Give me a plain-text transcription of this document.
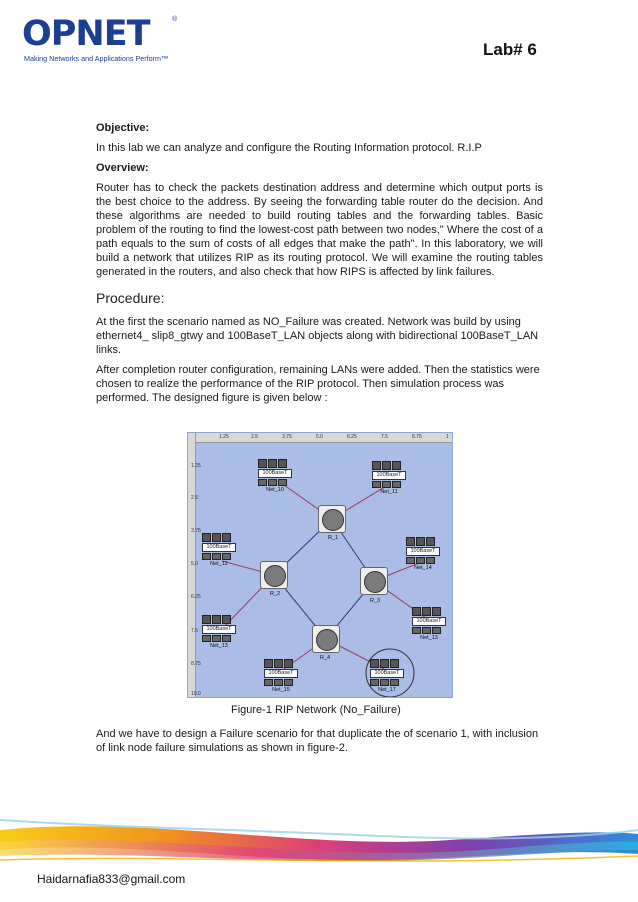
OPNET	®
Making Networks and Applications Perform™	Lab# 6
Objective:
In this lab we can analyze and configure the Routing Information protocol. R.I.P
Overview:
Router has to check the packets destination address and determine which output ports is the best choice to the address. By seeing the forwarding table router do the decision. And these algorithms are needed to build routing tables and the forwarding tables. Basic problem of the routing to find the lowest-cost path between two nodes," Where the cost of a path equals to the sum of costs of all edges that make the path". In this laboratory, we will build a network that utilizes RIP as its routing protocol. We will examine the routing tables generated in the routers, and also check that how RIPS is affected by link failures.
Procedure:
At the first the scenario named as NO_Failure was created. Network was build by using ethernet4_ slip8_gtwy and 100BaseT_LAN objects along with bidirectional 100BaseT_LAN links.
After completion router configuration, remaining LANs were added. Then the statistics were chosen to realize the performance of the RIP protocol. Then simulation process was performed. The designed figure is given below :
1.25	2.5	3.75	5.0	6.25	7.5	8.75	1
1.25
2.5
3.75
5.0
6.25
7.5
8.75
10.0
100BaseT
Net_10
100BaseT
Net_11
100BaseT
Net_12
100BaseT
Net_14
100BaseT
Net_13
100BaseT
Net_13
100BaseT
Net_15
100BaseT
Net_17
R_1
R_2
R_3
R_4
Figure-1 RIP Network (No_Failure)
And we have to design a Failure scenario for that duplicate the of scenario 1, with inclusion of link node failure simulations as shown in figure-2.
Haidarnafia833@gmail.com
